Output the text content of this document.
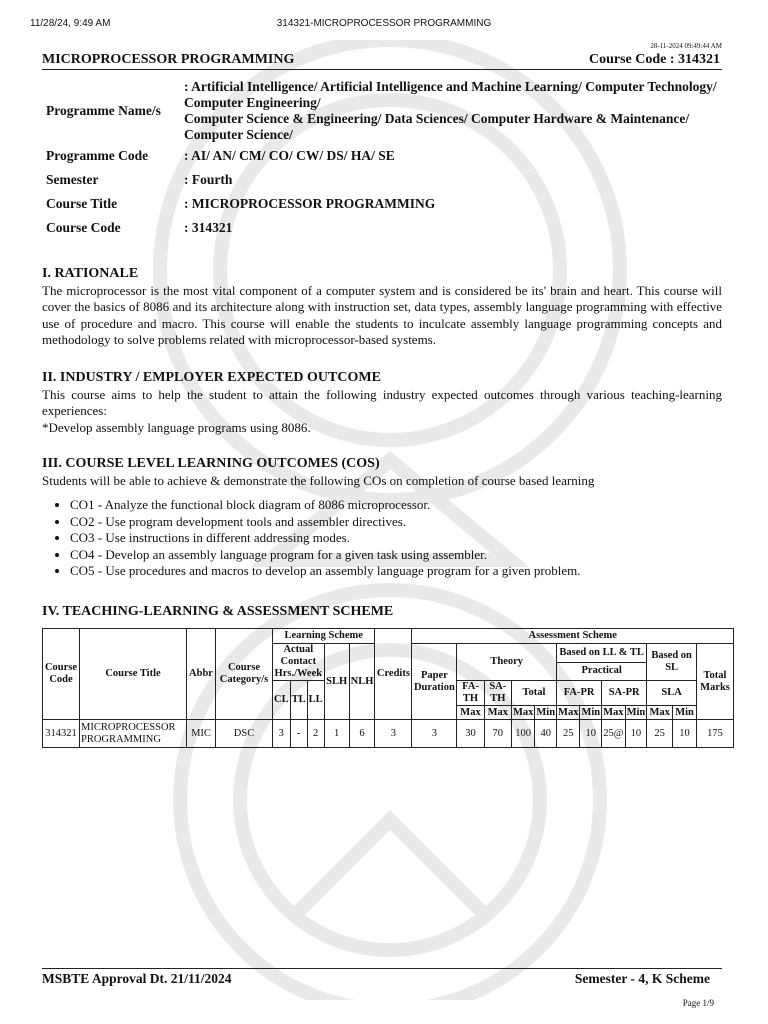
11/28/24, 9:49 AM	314321-MICROPROCESSOR PROGRAMMING
28-11-2024 09:49:44 AM
MICROPROCESSOR PROGRAMMING	Course Code : 314321
Programme Name/s	: Artificial Intelligence/ Artificial Intelligence and Machine Learning/ Computer Technology/ Computer Engineering/
Computer Science & Engineering/ Data Sciences/ Computer Hardware & Maintenance/ Computer Science/
Programme Code	: AI/ AN/ CM/ CO/ CW/ DS/ HA/ SE
Semester	: Fourth
Course Title	: MICROPROCESSOR PROGRAMMING
Course Code	: 314321
I. RATIONALE

The microprocessor is the most vital component of a computer system and is considered be its' brain and heart. This course will cover the basics of 8086 and its architecture along with instruction set, data types, assembly language programming with effective use of procedure and macro. This course will enable the students to inculcate assembly language programming concepts and methodology to solve problems related with microprocessor-based systems.

II. INDUSTRY / EMPLOYER EXPECTED OUTCOME

This course aims to help the student to attain the following industry expected outcomes through various teaching-learning experiences:

*Develop assembly language programs using 8086.

III. COURSE LEVEL LEARNING OUTCOMES (COS)

Students will be able to achieve & demonstrate the following COs on completion of course based learning

• CO1 - Analyze the functional block diagram of 8086 microprocessor.
• CO2 - Use program development tools and assembler directives.
• CO3 - Use instructions in different addressing modes.
• CO4 - Develop an assembly language program for a given task using assembler.
• CO5 - Use procedures and macros to develop an assembly language program for a given problem.
IV. TEACHING-LEARNING & ASSESSMENT SCHEME
Course Code	Course Title	Abbr	Course Category/s	Learning Scheme					Credits	Assessment Scheme											
				Actual Contact Hrs./Week			SLH	NLH		Paper Duration	Theory				Based on LL & TL				Based on SL		Total Marks
															Practical						
				CL	TL	LL					FA-TH	SA-TH	Total		FA-PR		SA-PR		SLA		
											Max	Max	Max	Min	Max	Min	Max	Min	Max	Min	
314321	MICROPROCESSOR PROGRAMMING	MIC	DSC	3	-	2	1	6	3	3	30	70	100	40	25	10	25@	10	25	10	175
MSBTE Approval Dt. 21/11/2024	Semester - 4, K Scheme
Page 1/9
